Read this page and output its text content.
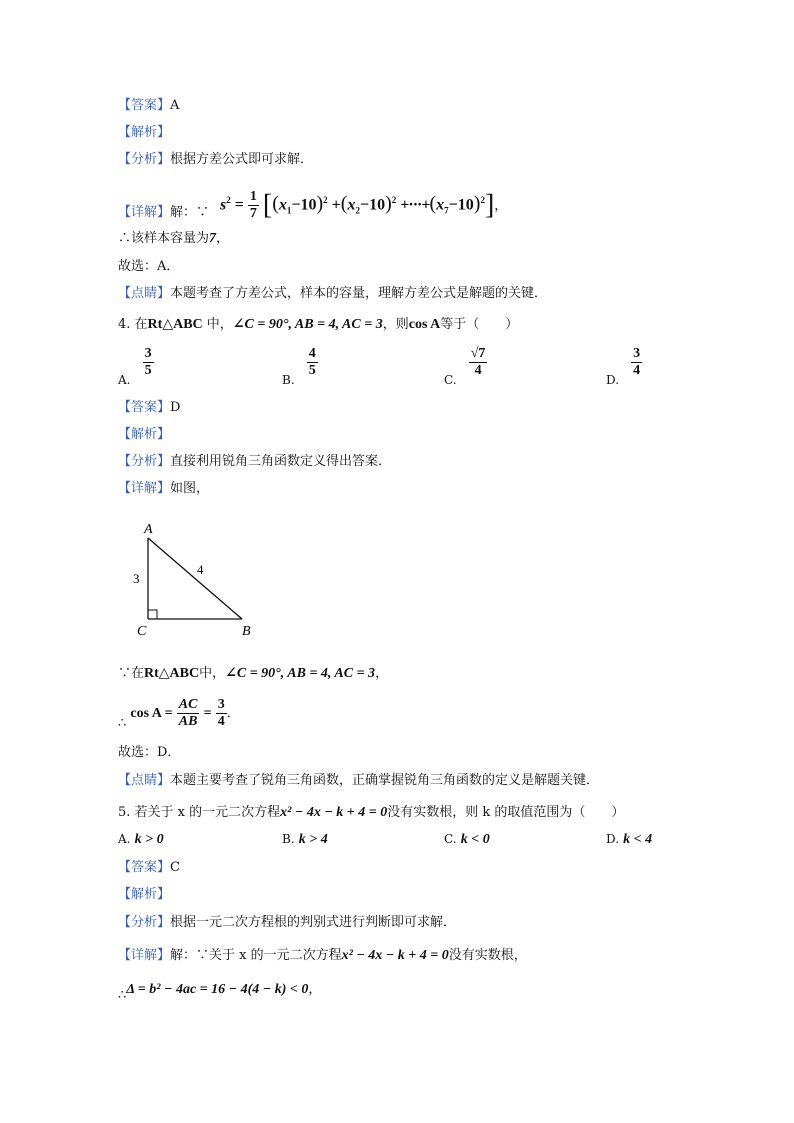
【答案】A
【解析】
【分析】根据方差公式即可求解．
【详解】解：∵ $s^2 = \frac{1}{7} [(x_1-10)^2 +(x_2-10)^2 +\cdot\cdot\cdot+(x_7-10)^2]$，
∴该样本容量为7，
故选：A．
【点睛】本题考查了方差公式，样本的容量，理解方差公式是解题的关键．
4. 在Rt△ABC 中，∠C = 90°, AB = 4, AC = 3，则cos A等于（　　）
A.
$\frac{3}{5}$
B.
$\frac{4}{5}$
C.
$\frac{√7}{4}$
D.
$\frac{3}{4}$
【答案】D
【解析】
【分析】直接利用锐角三角函数定义得出答案．
【详解】如图，
A
C	B
3
4
∵在Rt△ABC中，∠C = 90°, AB = 4, AC = 3，
∴ $\cos A = \frac{AC}{AB} = \frac{3}{4}$ ．
故选：D．
【点睛】本题主要考查了锐角三角函数，正确掌握锐角三角函数的定义是解题关键．
5. 若关于 x 的一元二次方程x² − 4x − k + 4 = 0没有实数根，则 k 的取值范围为（　　）
A. k > 0	B. k > 4	C. k < 0	D. k < 4
【答案】C
【解析】
【分析】根据一元二次方程根的判别式进行判断即可求解．
【详解】解：∵关于 x 的一元二次方程x² − 4x − k + 4 = 0没有实数根，
∴Δ = b² − 4ac = 16 − 4(4 − k) < 0，
